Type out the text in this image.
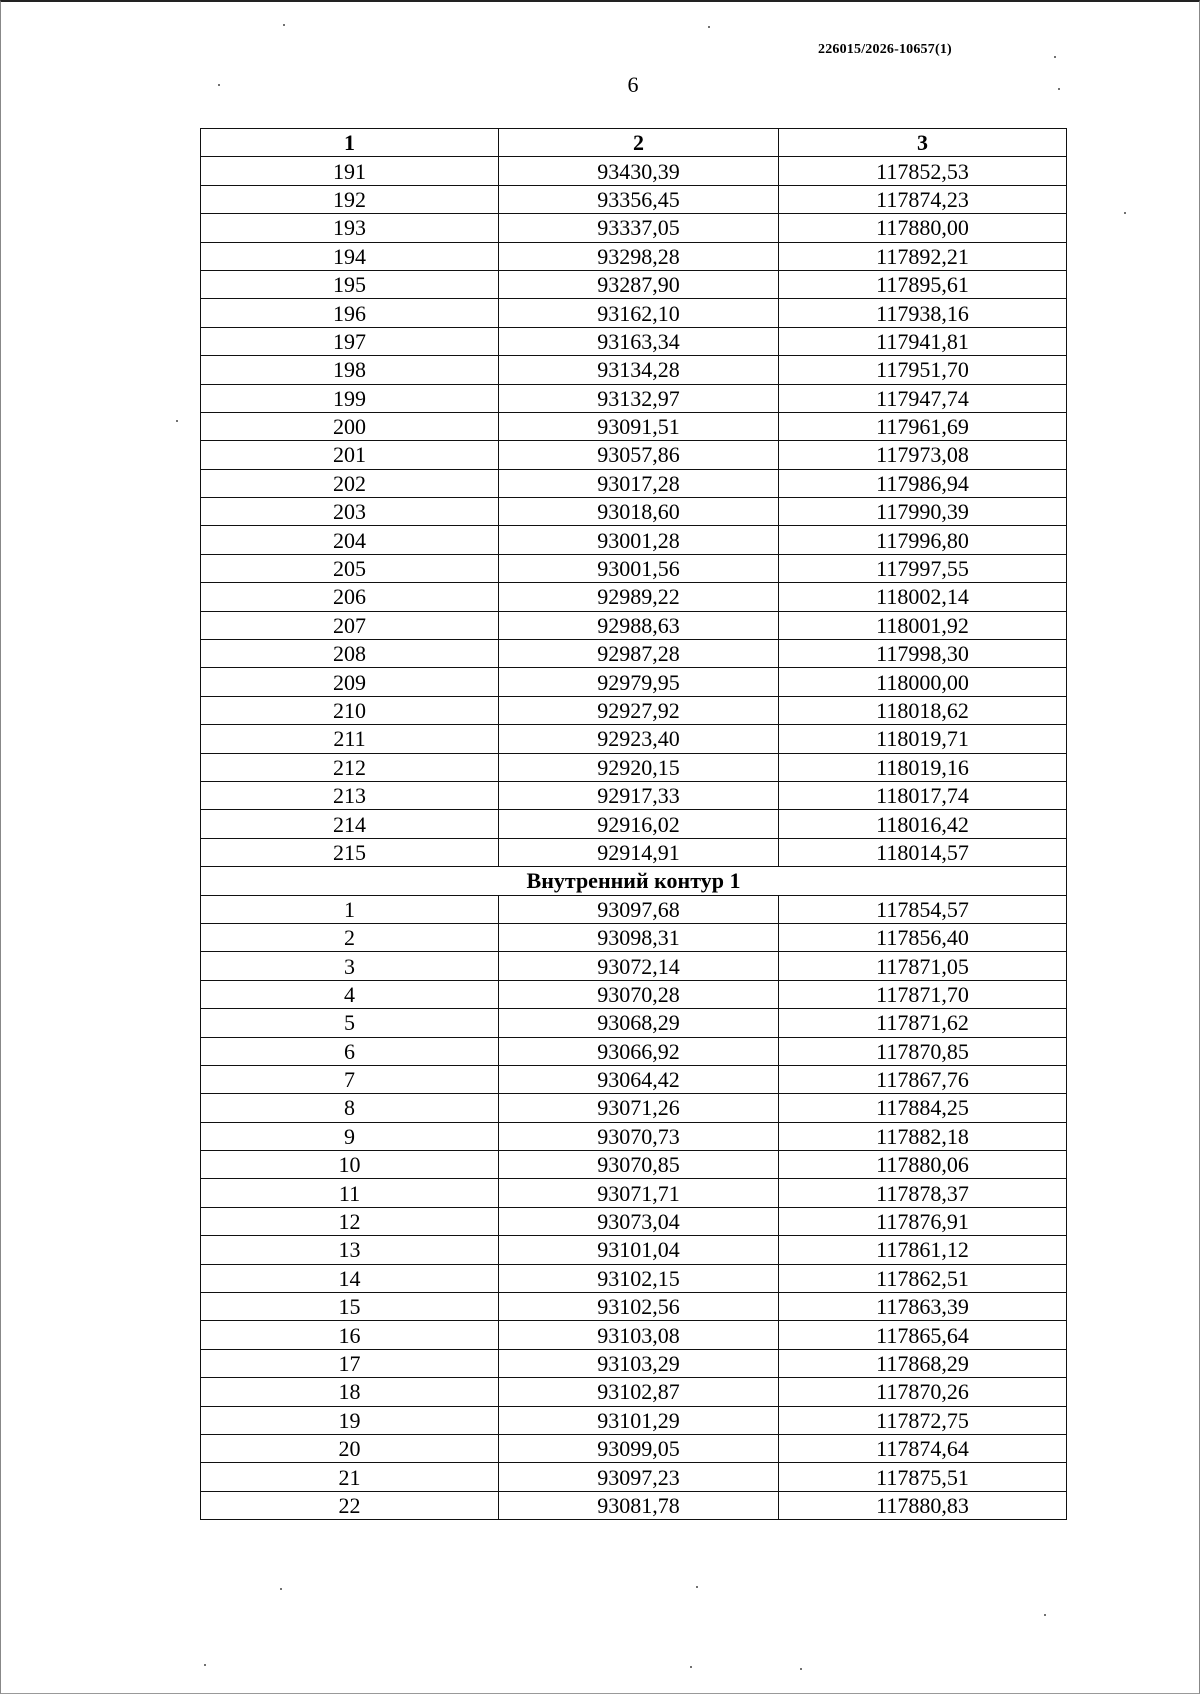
226015/2026-10657(1)
6
1	2	3
191	93430,39	117852,53
192	93356,45	117874,23
193	93337,05	117880,00
194	93298,28	117892,21
195	93287,90	117895,61
196	93162,10	117938,16
197	93163,34	117941,81
198	93134,28	117951,70
199	93132,97	117947,74
200	93091,51	117961,69
201	93057,86	117973,08
202	93017,28	117986,94
203	93018,60	117990,39
204	93001,28	117996,80
205	93001,56	117997,55
206	92989,22	118002,14
207	92988,63	118001,92
208	92987,28	117998,30
209	92979,95	118000,00
210	92927,92	118018,62
211	92923,40	118019,71
212	92920,15	118019,16
213	92917,33	118017,74
214	92916,02	118016,42
215	92914,91	118014,57
Внутренний контур 1		
1	93097,68	117854,57
2	93098,31	117856,40
3	93072,14	117871,05
4	93070,28	117871,70
5	93068,29	117871,62
6	93066,92	117870,85
7	93064,42	117867,76
8	93071,26	117884,25
9	93070,73	117882,18
10	93070,85	117880,06
11	93071,71	117878,37
12	93073,04	117876,91
13	93101,04	117861,12
14	93102,15	117862,51
15	93102,56	117863,39
16	93103,08	117865,64
17	93103,29	117868,29
18	93102,87	117870,26
19	93101,29	117872,75
20	93099,05	117874,64
21	93097,23	117875,51
22	93081,78	117880,83
